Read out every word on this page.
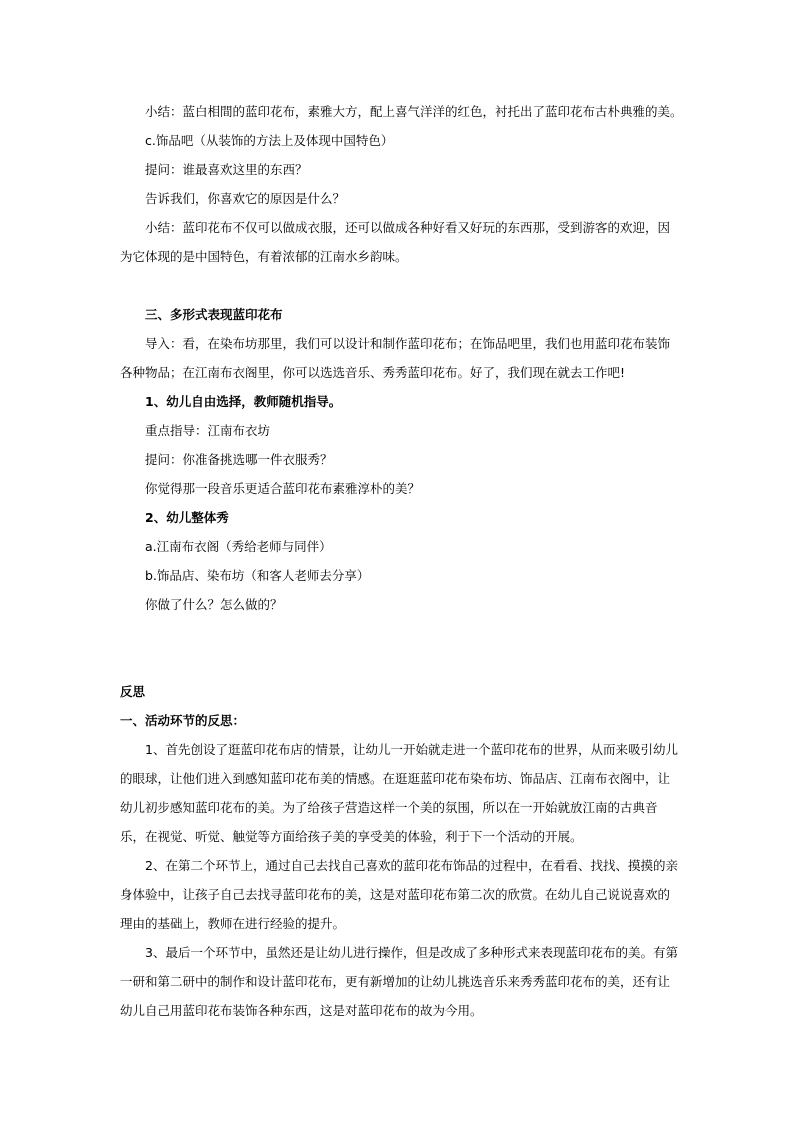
小结：蓝白相間的蓝印花布，素雅大方，配上喜气洋洋的红色，衬托出了蓝印花布古朴典雅的美。

c.饰品吧（从装饰的方法上及体现中国特色）

提问：谁最喜欢这里的东西？

告诉我们，你喜欢它的原因是什么？

小结：蓝印花布不仅可以做成衣服，还可以做成各种好看又好玩的东西那，受到游客的欢迎，因为它体现的是中国特色，有着浓郁的江南水乡韵味。

三、多形式表现蓝印花布

导入：看，在染布坊那里，我们可以设计和制作蓝印花布；在饰品吧里，我们也用蓝印花布装饰各种物品；在江南布衣阁里，你可以选选音乐、秀秀蓝印花布。好了，我们现在就去工作吧!

1、幼儿自由选择，教师随机指导。

重点指导：江南布衣坊

提问：你准备挑选哪一件衣服秀？

你觉得那一段音乐更适合蓝印花布素雅淳朴的美？

2、幼儿整体秀

a.江南布衣阁（秀给老师与同伴）

b.饰品店、染布坊（和客人老师去分享）

你做了什么？怎么做的？

反思

一、活动环节的反思：

1、首先创设了逛蓝印花布店的情景，让幼儿一开始就走进一个蓝印花布的世界，从而来吸引幼儿的眼球，让他们进入到感知蓝印花布美的情感。在逛逛蓝印花布染布坊、饰品店、江南布衣阁中，让幼儿初步感知蓝印花布的美。为了给孩子营造这样一个美的氛围，所以在一开始就放江南的古典音乐，在视觉、听觉、触觉等方面给孩子美的享受美的体验，利于下一个活动的开展。

2、在第二个环节上，通过自己去找自己喜欢的蓝印花布饰品的过程中，在看看、找找、摸摸的亲身体验中，让孩子自己去找寻蓝印花布的美，这是对蓝印花布第二次的欣赏。在幼儿自己说说喜欢的理由的基础上，教师在进行经验的提升。

3、最后一个环节中，虽然还是让幼儿进行操作，但是改成了多种形式来表现蓝印花布的美。有第一研和第二研中的制作和设计蓝印花布，更有新增加的让幼儿挑选音乐来秀秀蓝印花布的美，还有让幼儿自己用蓝印花布装饰各种东西，这是对蓝印花布的故为今用。
